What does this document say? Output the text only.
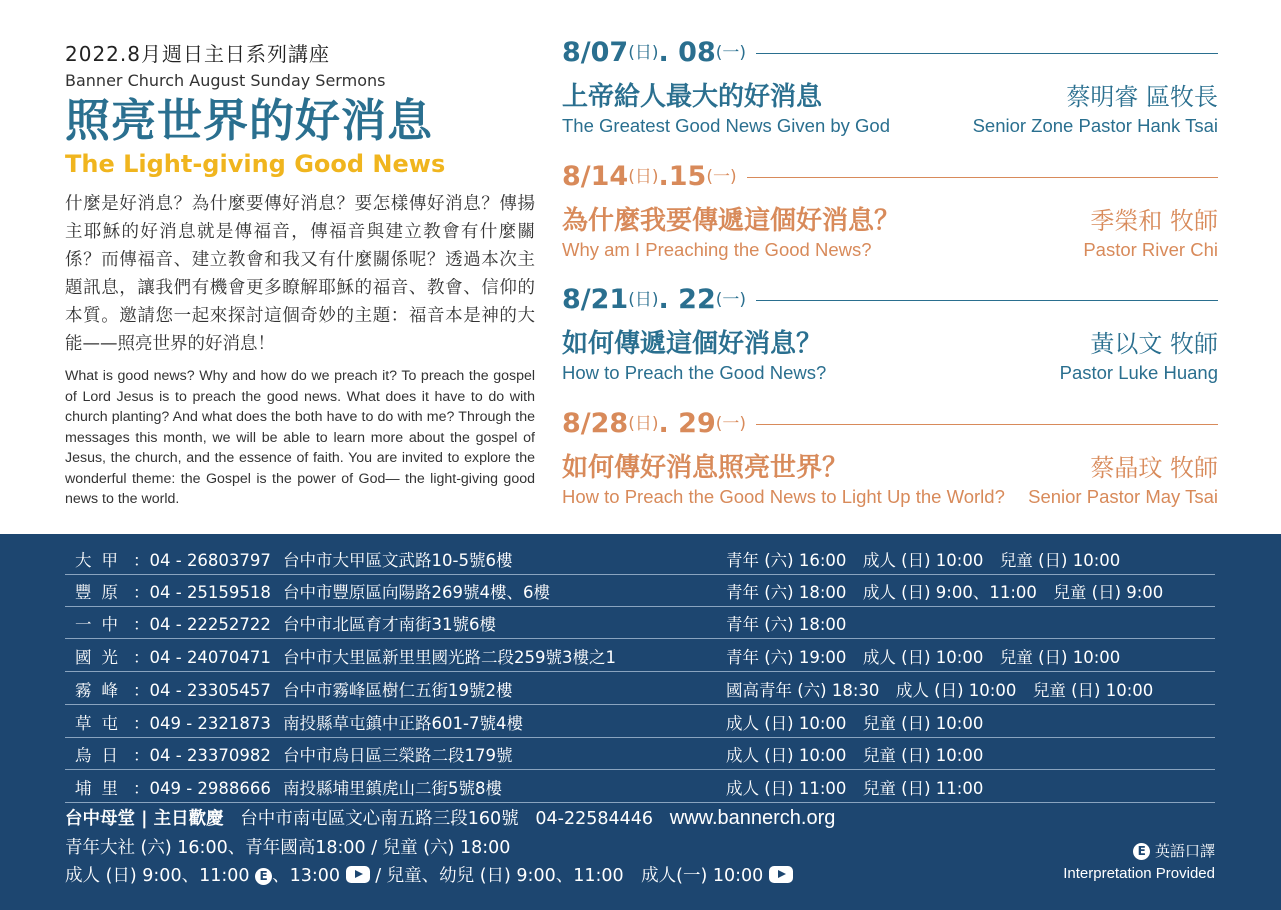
2022.8月週日主日系列講座
Banner Church August Sunday Sermons
照亮世界的好消息
The Light-giving Good News
什麼是好消息？為什麼要傳好消息？要怎樣傳好消息？傳揚主耶穌的好消息就是傳福音，傳福音與建立教會有什麼關係？而傳福音、建立教會和我又有什麼關係呢？透過本次主題訊息，讓我們有機會更多瞭解耶穌的福音、教會、信仰的本質。邀請您一起來探討這個奇妙的主題：福音本是神的大能——照亮世界的好消息！
What is good news? Why and how do we preach it? To preach the gospel of Lord Jesus is to preach the good news. What does it have to do with church planting? And what does the both have to do with me? Through the messages this month, we will be able to learn more about the gospel of Jesus, the church, and the essence of faith. You are invited to explore the wonderful theme: the Gospel is the power of God— the light-giving good news to the world.
8/07 (日) . 08 (一)
上帝給人最大的好消息	蔡明睿 區牧長
The Greatest Good News Given by God	Senior Zone Pastor Hank Tsai
8/14 (日) .15 (一)
為什麼我要傳遞這個好消息？	季榮和 牧師
Why am I Preaching the Good News?	Pastor River Chi
8/21 (日) . 22 (一)
如何傳遞這個好消息？	黃以文 牧師
How to Preach the Good News?	Pastor Luke Huang
8/28 (日) . 29 (一)
如何傳好消息照亮世界？	蔡晶玟 牧師
How to Preach the Good News to Light Up the World? Senior Pastor May Tsai
大甲 ：04 - 26803797 台中市大甲區文武路10-5號6樓	青年 (六) 16:00　成人 (日) 10:00　兒童 (日) 10:00
豐原 ：04 - 25159518 台中市豐原區向陽路269號4樓、6樓	青年 (六) 18:00　成人 (日) 9:00、11:00　兒童 (日) 9:00
一中 ：04 - 22252722 台中市北區育才南街31號6樓	青年 (六) 18:00
國光 ：04 - 24070471 台中市大里區新里里國光路二段259號3樓之1	青年 (六) 19:00　成人 (日) 10:00　兒童 (日) 10:00
霧峰 ：04 - 23305457 台中市霧峰區樹仁五街19號2樓	國高青年 (六) 18:30　成人 (日) 10:00　兒童 (日) 10:00
草屯 ：049 - 2321873 南投縣草屯鎮中正路601-7號4樓	成人 (日) 10:00　兒童 (日) 10:00
烏日 ：04 - 23370982 台中市烏日區三榮路二段179號	成人 (日) 10:00　兒童 (日) 10:00
埔里 ：049 - 2988666 南投縣埔里鎮虎山二街5號8樓	成人 (日) 11:00　兒童 (日) 11:00
台中母堂 | 主日歡慶 台中市南屯區文心南五路三段160號 04-22584446 www.bannerch.org
青年大社 (六) 16:00、青年國高18:00 / 兒童 (六) 18:00
成人 (日) 9:00、11:00 E 、13:00 / 兒童、幼兒 (日) 9:00、11:00　成人(一) 10:00
E 英語口譯
Interpretation Provided
